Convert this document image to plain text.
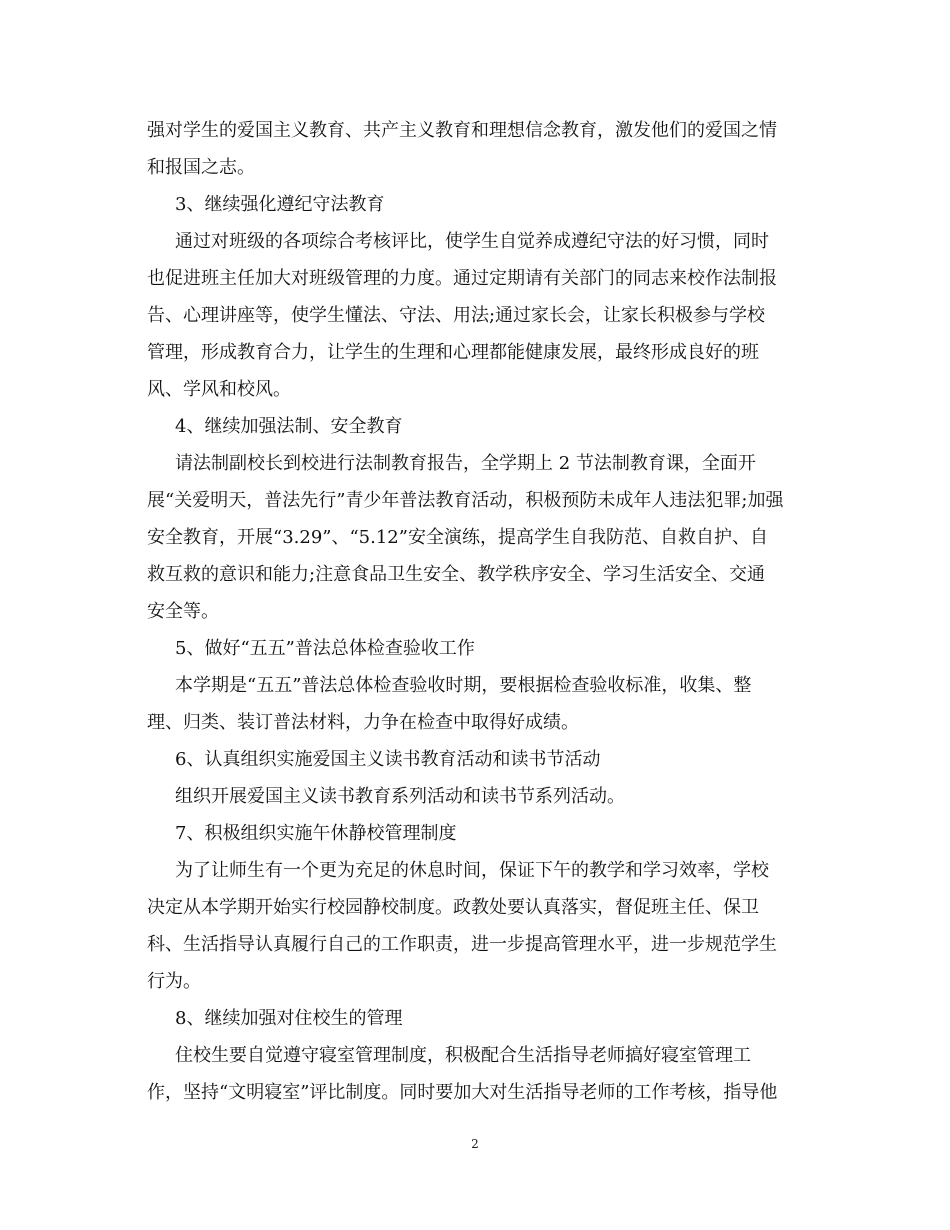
强对学生的爱国主义教育、共产主义教育和理想信念教育，激发他们的爱国之情
和报国之志。
3、继续强化遵纪守法教育
通过对班级的各项综合考核评比，使学生自觉养成遵纪守法的好习惯，同时
也促进班主任加大对班级管理的力度。通过定期请有关部门的同志来校作法制报
告、心理讲座等，使学生懂法、守法、用法;通过家长会，让家长积极参与学校
管理，形成教育合力，让学生的生理和心理都能健康发展，最终形成良好的班
风、学风和校风。
4、继续加强法制、安全教育
请法制副校长到校进行法制教育报告，全学期上 2 节法制教育课，全面开
展“关爱明天，普法先行”青少年普法教育活动，积极预防未成年人违法犯罪;加强
安全教育，开展“3.29”、“5.12”安全演练，提高学生自我防范、自救自护、自
救互救的意识和能力;注意食品卫生安全、教学秩序安全、学习生活安全、交通
安全等。
5、做好“五五”普法总体检查验收工作
本学期是“五五”普法总体检查验收时期，要根据检查验收标准，收集、整
理、归类、装订普法材料，力争在检查中取得好成绩。
6、认真组织实施爱国主义读书教育活动和读书节活动
组织开展爱国主义读书教育系列活动和读书节系列活动。
7、积极组织实施午休静校管理制度
为了让师生有一个更为充足的休息时间，保证下午的教学和学习效率，学校
决定从本学期开始实行校园静校制度。政教处要认真落实，督促班主任、保卫
科、生活指导认真履行自己的工作职责，进一步提高管理水平，进一步规范学生
行为。
8、继续加强对住校生的管理
住校生要自觉遵守寝室管理制度，积极配合生活指导老师搞好寝室管理工
作，坚持“文明寝室”评比制度。同时要加大对生活指导老师的工作考核，指导他
2
